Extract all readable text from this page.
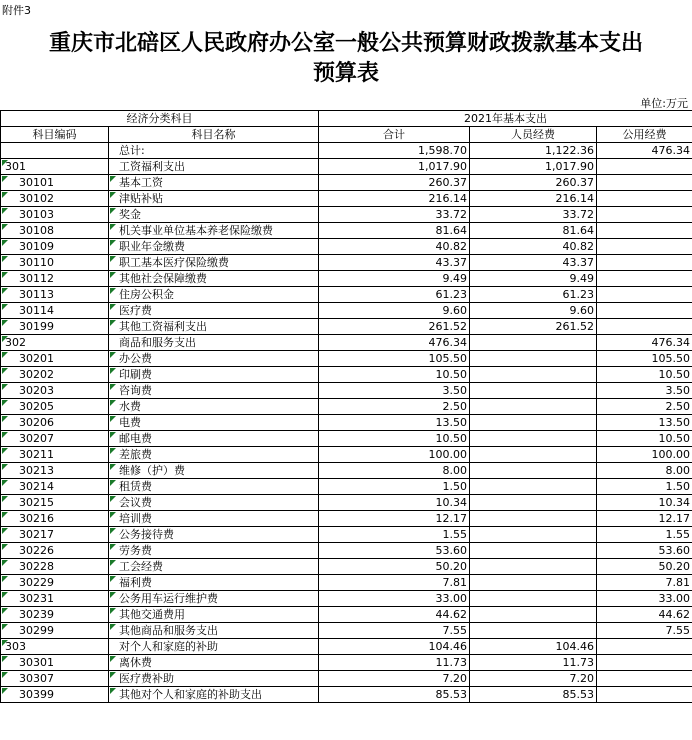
附件3
重庆市北碚区人民政府办公室一般公共预算财政拨款基本支出
预算表
单位:万元
经济分类科目		2021年基本支出		
科目编码	科目名称	合计	人员经费	公用经费
	总计:	1,598.70	1,122.36	476.34

301	工资福利支出	1,017.90	1,017.90	

30101	基本工资	260.37	260.37	

30102	津贴补贴	216.14	216.14	

30103	奖金	33.72	33.72	

30108	机关事业单位基本养老保险缴费	81.64	81.64	

30109	职业年金缴费	40.82	40.82	

30110	职工基本医疗保险缴费	43.37	43.37	

30112	其他社会保障缴费	9.49	9.49	

30113	住房公积金	61.23	61.23	

30114	医疗费	9.60	9.60	

30199	其他工资福利支出	261.52	261.52	

302	商品和服务支出	476.34		476.34

30201	办公费	105.50		105.50

30202	印刷费	10.50		10.50

30203	咨询费	3.50		3.50

30205	水费	2.50		2.50

30206	电费	13.50		13.50

30207	邮电费	10.50		10.50

30211	差旅费	100.00		100.00

30213	维修（护）费	8.00		8.00

30214	租赁费	1.50		1.50

30215	会议费	10.34		10.34

30216	培训费	12.17		12.17

30217	公务接待费	1.55		1.55

30226	劳务费	53.60		53.60

30228	工会经费	50.20		50.20

30229	福利费	7.81		7.81

30231	公务用车运行维护费	33.00		33.00

30239	其他交通费用	44.62		44.62

30299	其他商品和服务支出	7.55		7.55

303	对个人和家庭的补助	104.46	104.46	

30301	离休费	11.73	11.73	

30307	医疗费补助	7.20	7.20	

30399	其他对个人和家庭的补助支出	85.53	85.53	
